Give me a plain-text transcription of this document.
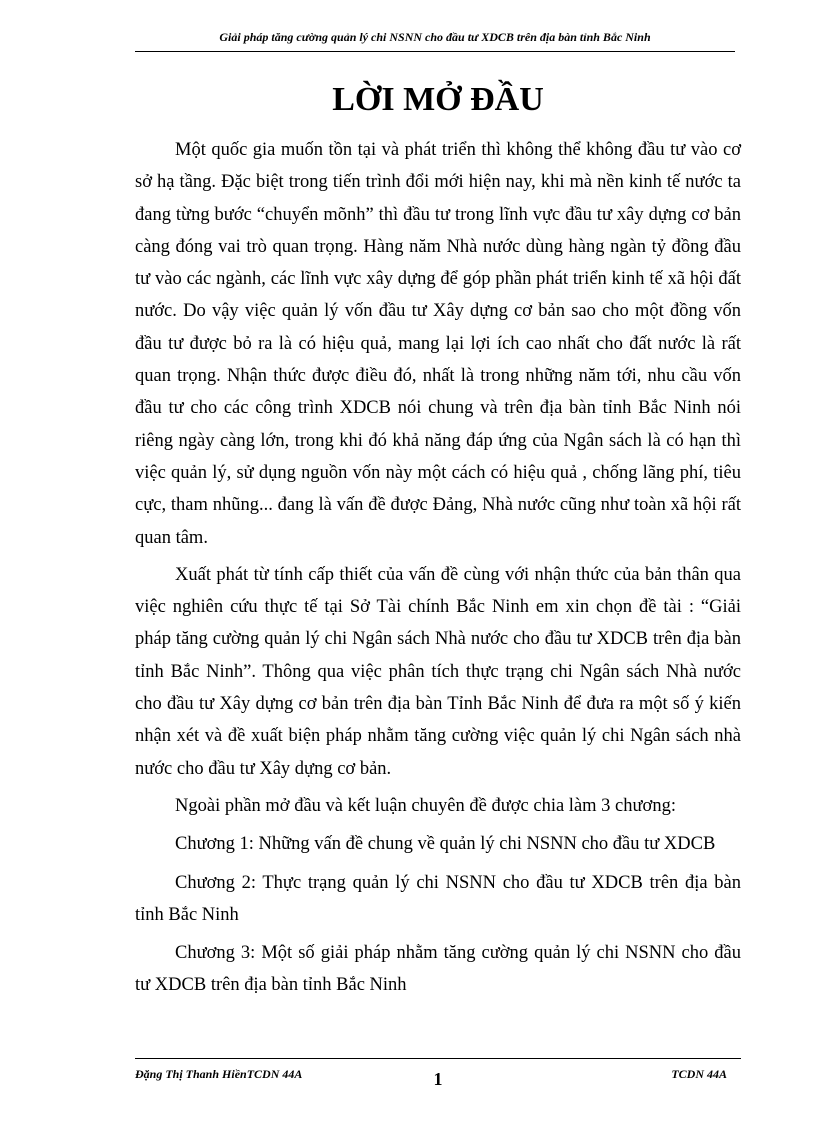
Giải pháp tăng cường quản lý chi NSNN cho đầu tư XDCB trên địa bàn tỉnh Bắc Ninh
LỜI MỞ ĐẦU

Một quốc gia muốn tồn tại và phát triển thì không thể không đầu tư vào cơ sở hạ tầng. Đặc biệt trong tiến trình đổi mới hiện nay, khi mà nền kinh tế nước ta đang từng bước “chuyển mõnh” thì đầu tư trong lĩnh vực đầu tư xây dựng cơ bản càng đóng vai trò quan trọng. Hàng năm Nhà nước dùng hàng ngàn tỷ đồng đầu tư vào các ngành, các lĩnh vực xây dựng để góp phần phát triển kinh tế xã hội đất nước. Do vậy việc quản lý vốn đầu tư Xây dựng cơ bản sao cho một đồng vốn đầu tư được bỏ ra là có hiệu quả, mang lại lợi ích cao nhất cho đất nước là rất quan trọng. Nhận thức được điều đó, nhất là trong những năm tới, nhu cầu vốn đầu tư cho các công trình XDCB nói chung và trên địa bàn tỉnh Bắc Ninh nói riêng ngày càng lớn, trong khi đó khả năng đáp ứng của Ngân sách là có hạn thì việc quản lý, sử dụng nguồn vốn này một cách có hiệu quả , chống lãng phí, tiêu cực, tham nhũng... đang là vấn đề được Đảng, Nhà nước cũng như toàn xã hội rất quan tâm.

Xuất phát từ tính cấp thiết của vấn đề cùng với nhận thức của bản thân qua việc nghiên cứu thực tế tại Sở Tài chính Bắc Ninh em xin chọn đề tài : “Giải pháp tăng cường quản lý chi Ngân sách Nhà nước cho đầu tư XDCB trên địa bàn tỉnh Bắc Ninh”. Thông qua việc phân tích thực trạng chi Ngân sách Nhà nước cho đầu tư Xây dựng cơ bản trên địa bàn Tỉnh Bắc Ninh để đưa ra một số ý kiến nhận xét và đề xuất biện pháp nhằm tăng cường việc quản lý chi Ngân sách nhà nước cho đầu tư Xây dựng cơ bản.

Ngoài phần mở đầu và kết luận chuyên đề được chia làm 3 chương:

Chương 1: Những vấn đề chung về quản lý chi NSNN cho đầu tư XDCB

Chương 2: Thực trạng quản lý chi NSNN cho đầu tư XDCB trên địa bàn tỉnh Bắc Ninh

Chương 3: Một số giải pháp nhằm tăng cường quản lý chi NSNN cho đầu tư XDCB trên địa bàn tỉnh Bắc Ninh

Đặng Thị Thanh HiềnTCDN 44A	1	TCDN 44A
